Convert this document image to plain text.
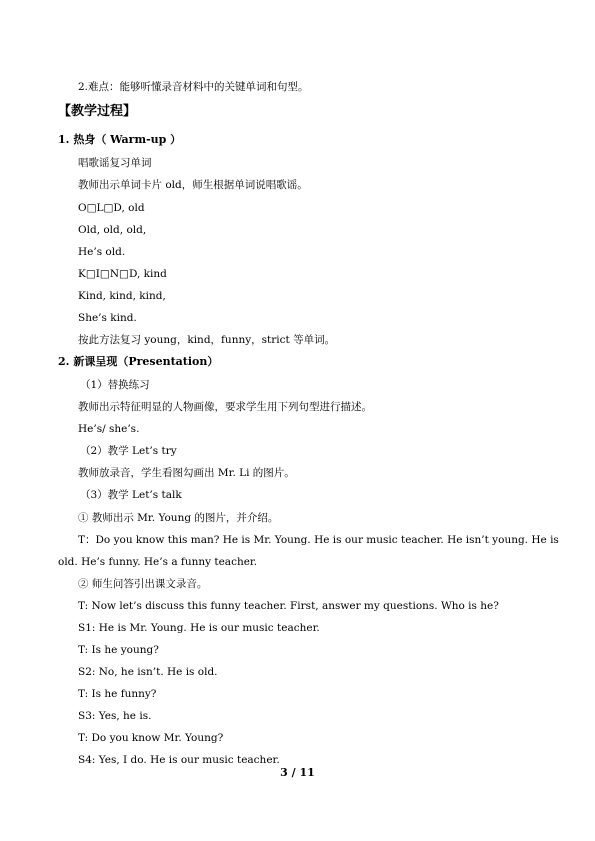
2.难点：能够听懂录音材料中的关键单词和句型。
【教学过程】
1. 热身（ Warm-up ）
唱歌谣复习单词
教师出示单词卡片 old，师生根据单词说唱歌谣。
O□L□D, old
Old, old, old,
He’s old.
K□I□N□D, kind
Kind, kind, kind,
She’s kind.
按此方法复习 young，kind，funny，strict 等单词。
2. 新课呈现（Presentation）
（1）替换练习
教师出示特征明显的人物画像，要求学生用下列句型进行描述。
He’s/ she’s.
（2）教学 Let’s try
教师放录音，学生看图勾画出 Mr. Li 的图片。
（3）教学 Let’s talk
① 教师出示 Mr. Young 的图片，并介绍。
T：Do you know this man? He is Mr. Young. He is our music teacher. He isn’t young. He is
old. He’s funny. He’s a funny teacher.
② 师生问答引出课文录音。
T: Now let’s discuss this funny teacher. First, answer my questions. Who is he?
S1: He is Mr. Young. He is our music teacher.
T: Is he young?
S2: No, he isn’t. He is old.
T: Is he funny?
S3: Yes, he is.
T: Do you know Mr. Young?
S4: Yes, I do. He is our music teacher.
3 / 11
